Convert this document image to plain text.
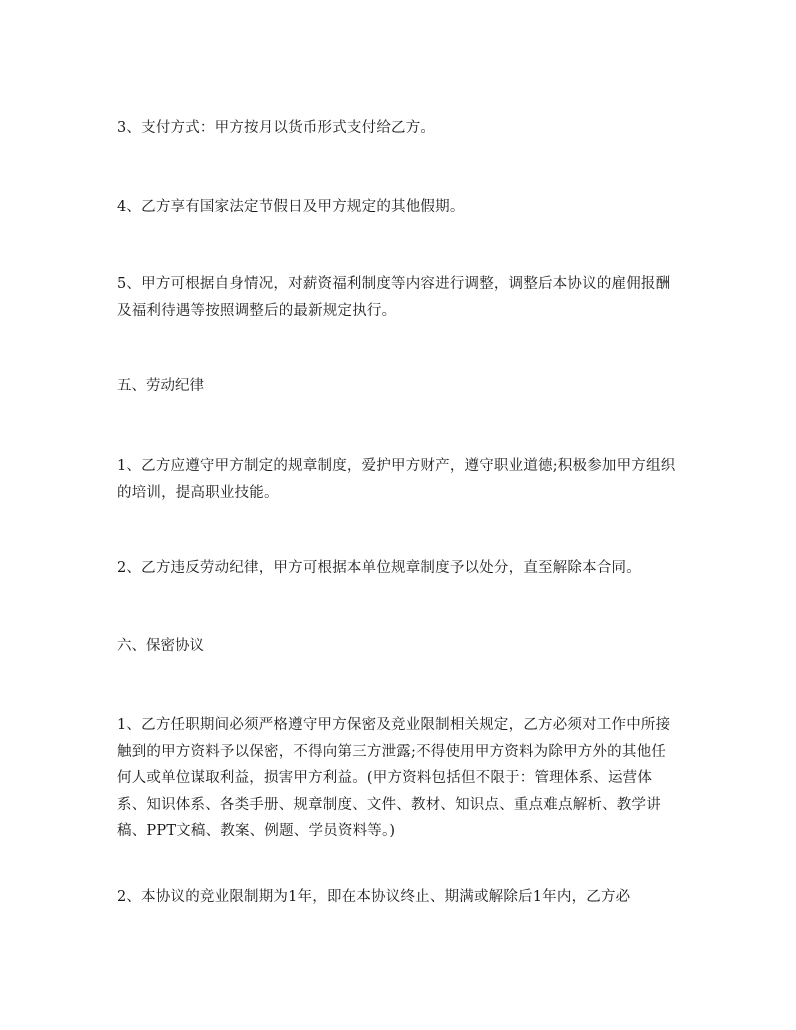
3、支付方式：甲方按月以货币形式支付给乙方。

4、乙方享有国家法定节假日及甲方规定的其他假期。

5、甲方可根据自身情况，对薪资福利制度等内容进行调整，调整后本协议的雇佣报酬及福利待遇等按照调整后的最新规定执行。

五、劳动纪律

1、乙方应遵守甲方制定的规章制度，爱护甲方财产，遵守职业道德;积极参加甲方组织的培训，提高职业技能。

2、乙方违反劳动纪律，甲方可根据本单位规章制度予以处分，直至解除本合同。

六、保密协议

1、乙方任职期间必须严格遵守甲方保密及竞业限制相关规定，乙方必须对工作中所接触到的甲方资料予以保密，不得向第三方泄露;不得使用甲方资料为除甲方外的其他任何人或单位谋取利益，损害甲方利益。(甲方资料包括但不限于：管理体系、运营体系、知识体系、各类手册、规章制度、文件、教材、知识点、重点难点解析、教学讲稿、PPT文稿、教案、例题、学员资料等。)

2、本协议的竞业限制期为1年，即在本协议终止、期满或解除后1年内，乙方必
